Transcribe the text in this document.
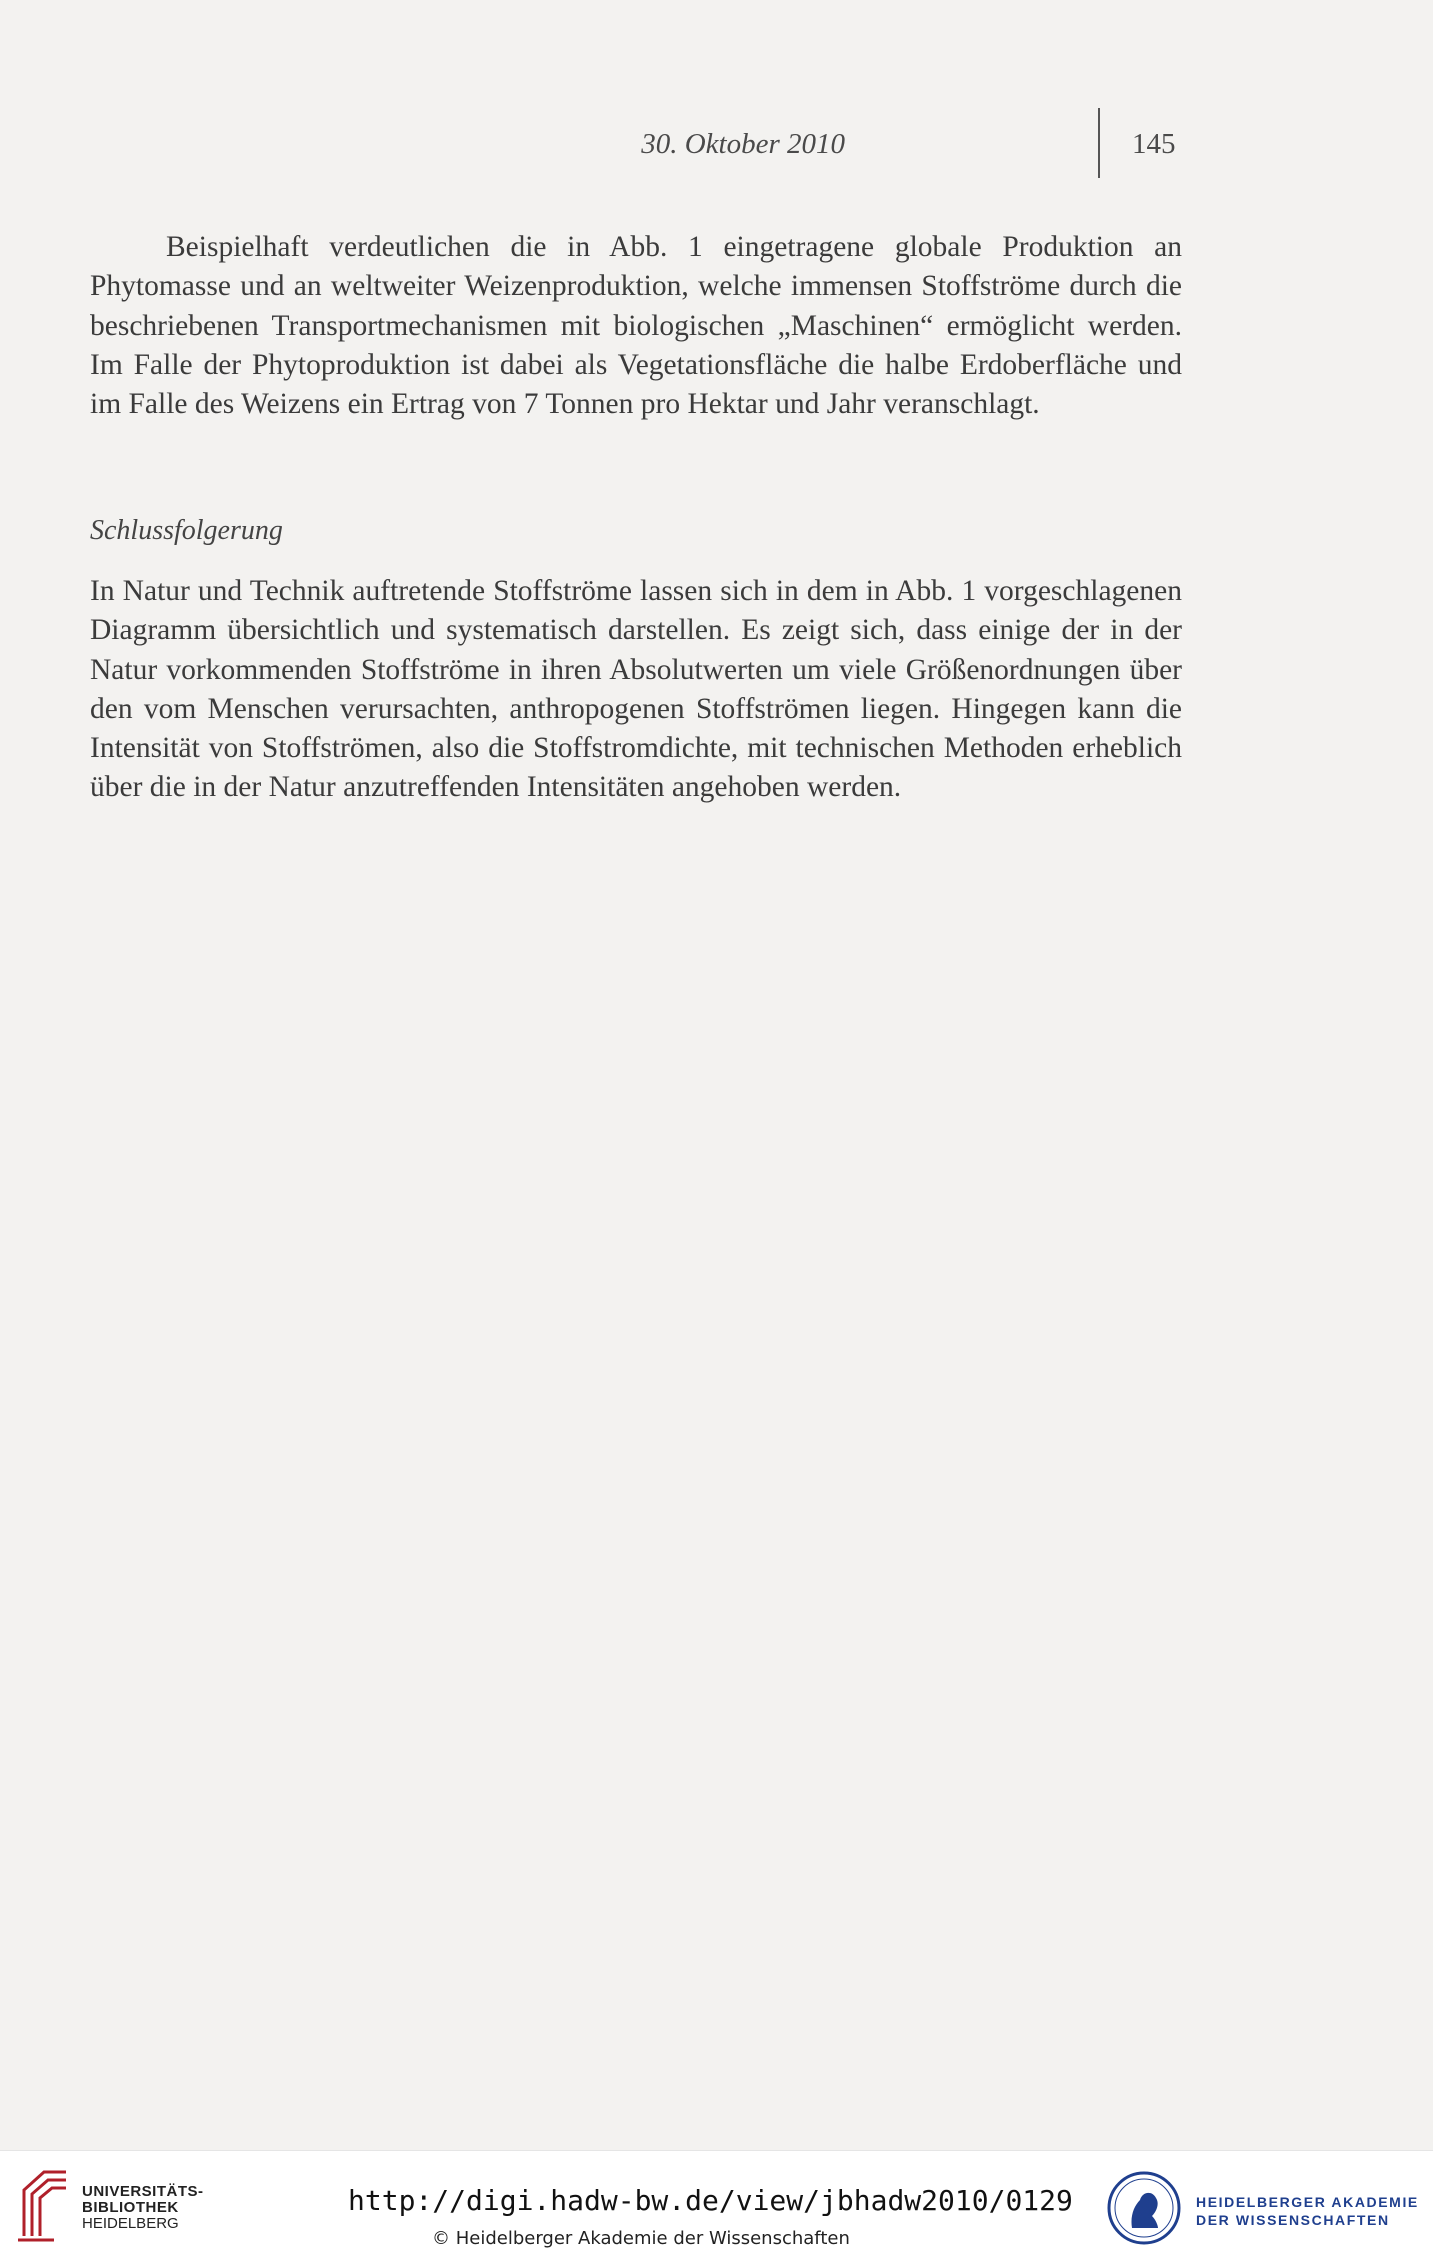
30. Oktober 2010	145

Beispielhaft verdeutlichen die in Abb. 1 eingetragene globale Produktion an Phytomasse und an weltweiter Weizenproduktion, welche immensen Stoffströme durch die beschriebenen Transportmechanismen mit biologischen „Maschinen“ ermöglicht werden. Im Falle der Phytoproduktion ist dabei als Vegetationsfläche die halbe Erdoberfläche und im Falle des Weizens ein Ertrag von 7 Tonnen pro Hektar und Jahr veranschlagt.

Schlussfolgerung

In Natur und Technik auftretende Stoffströme lassen sich in dem in Abb. 1 vorgeschlagenen Diagramm übersichtlich und systematisch darstellen. Es zeigt sich, dass einige der in der Natur vorkommenden Stoffströme in ihren Absolutwerten um viele Größenordnungen über den vom Menschen verursachten, anthropogenen Stoffströmen liegen. Hingegen kann die Intensität von Stoffströmen, also die Stoffstromdichte, mit technischen Methoden erheblich über die in der Natur anzutreffenden Intensitäten angehoben werden.

UNIVERSITÄTS-
BIBLIOTHEK
HEIDELBERG
http://digi.hadw-bw.de/view/jbhadw2010/0129
© Heidelberger Akademie der Wissenschaften
HEIDELBERGER AKADEMIE
DER WISSENSCHAFTEN
